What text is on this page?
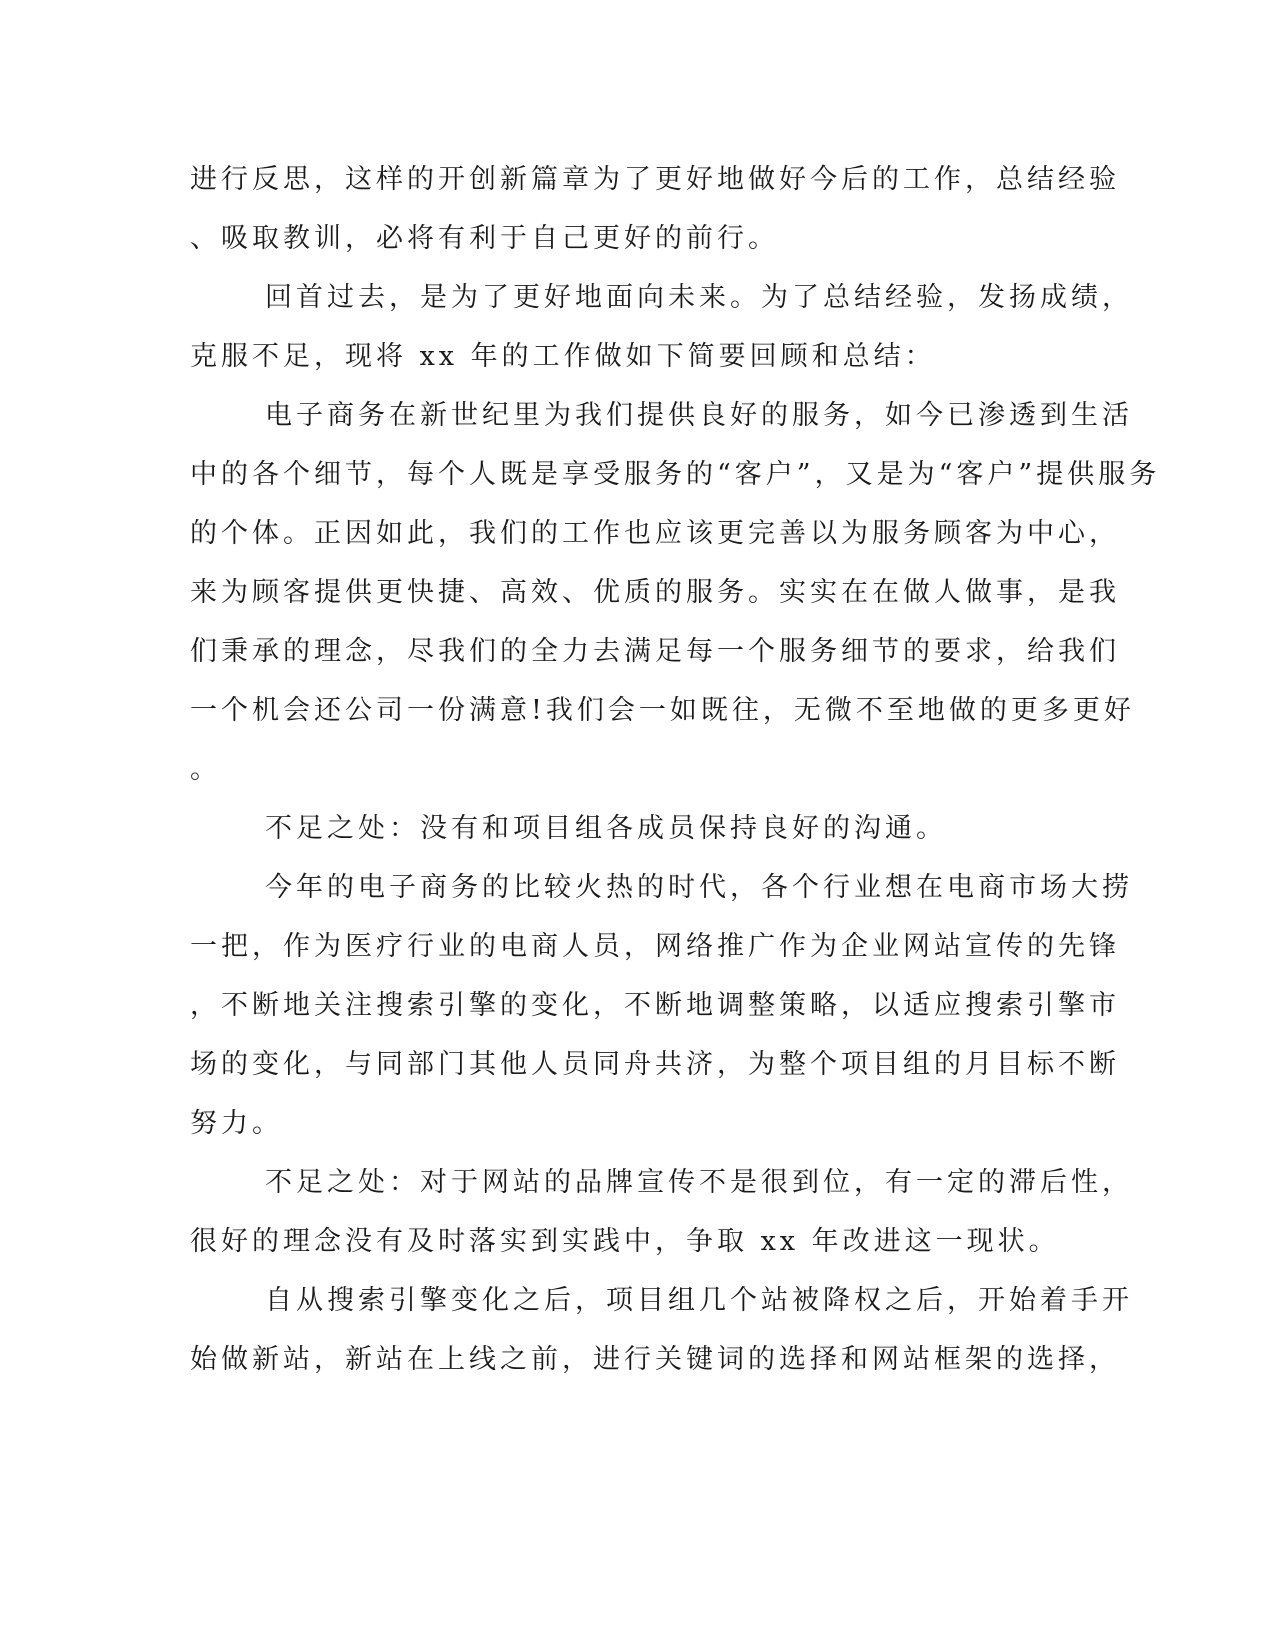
进行反思，这样的开创新篇章为了更好地做好今后的工作，总结经验

、吸取教训，必将有利于自己更好的前行。

回首过去，是为了更好地面向未来。为了总结经验，发扬成绩，

克服不足，现将 xx 年的工作做如下简要回顾和总结：

电子商务在新世纪里为我们提供良好的服务，如今已渗透到生活

中的各个细节，每个人既是享受服务的“客户”，又是为“客户”提供服务

的个体。正因如此，我们的工作也应该更完善以为服务顾客为中心，

来为顾客提供更快捷、高效、优质的服务。实实在在做人做事，是我

们秉承的理念，尽我们的全力去满足每一个服务细节的要求，给我们

一个机会还公司一份满意!我们会一如既往，无微不至地做的更多更好

。

不足之处：没有和项目组各成员保持良好的沟通。

今年的电子商务的比较火热的时代，各个行业想在电商市场大捞

一把，作为医疗行业的电商人员，网络推广作为企业网站宣传的先锋

，不断地关注搜索引擎的变化，不断地调整策略，以适应搜索引擎市

场的变化，与同部门其他人员同舟共济，为整个项目组的月目标不断

努力。

不足之处：对于网站的品牌宣传不是很到位，有一定的滞后性，

很好的理念没有及时落实到实践中，争取 xx 年改进这一现状。

自从搜索引擎变化之后，项目组几个站被降权之后，开始着手开

始做新站，新站在上线之前，进行关键词的选择和网站框架的选择，
